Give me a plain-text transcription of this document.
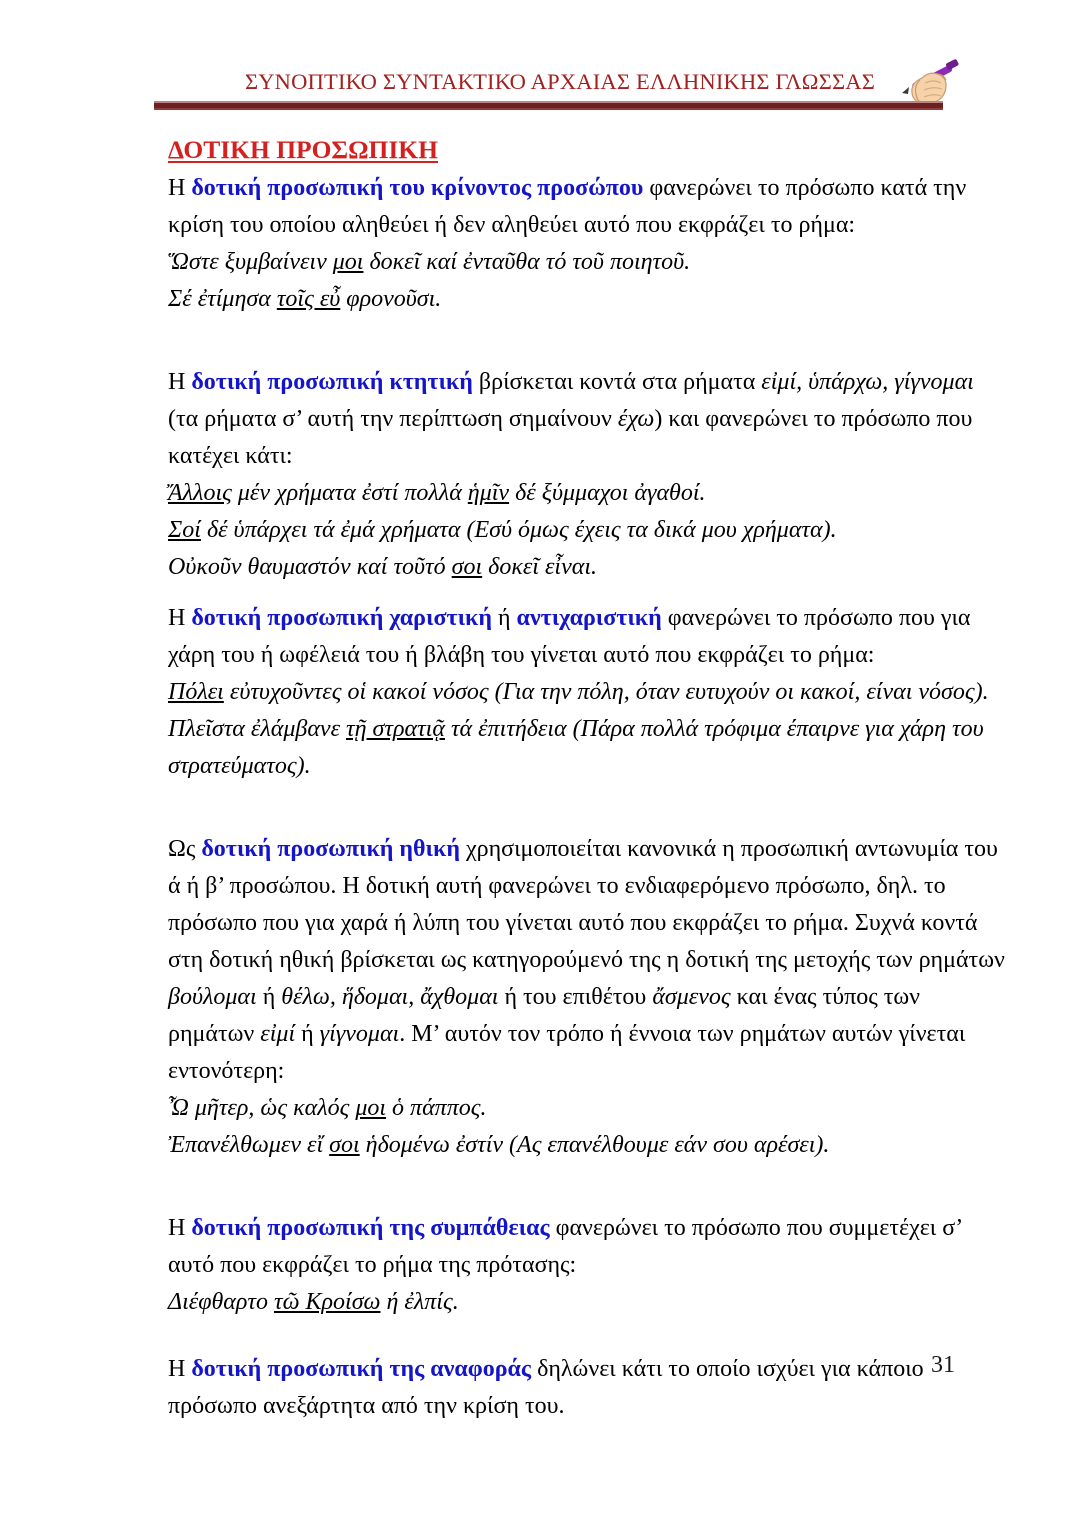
ΣΥΝΟΠΤΙΚΟ ΣΥΝΤΑΚΤΙΚΟ ΑΡΧΑΙΑΣ ΕΛΛΗΝΙΚΗΣ ΓΛΩΣΣΑΣ
ΔΟΤΙΚΗ ΠΡΟΣΩΠΙΚΗ

Η δοτική προσωπική του κρίνοντος προσώπου φανερώνει το πρόσωπο κατά την κρίση του οποίου αληθεύει ή δεν αληθεύει αυτό που εκφράζει το ρήμα:

Ὥστε ξυμβαίνειν μοι δοκεῖ καί ἐνταῦθα τό τοῦ ποιητοῦ.

Σέ ἐτίμησα τοῖς εὖ φρονοῦσι.

Η δοτική προσωπική κτητική βρίσκεται κοντά στα ρήματα εἰμί, ὑπάρχω, γίγνομαι (τα ρήματα σ’ αυτή την περίπτωση σημαίνουν έχω) και φανερώνει το πρόσωπο που κατέχει κάτι:

Ἄλλοις μέν χρήματα ἐστί πολλά ἡμῖν δέ ξύμμαχοι ἀγαθοί.

Σοί δέ ὑπάρχει τά ἐμά χρήματα (Εσύ όμως έχεις τα δικά μου χρήματα).

Οὐκοῦν θαυμαστόν καί τοῦτό σοι δοκεῖ εἶναι.

Η δοτική προσωπική χαριστική ή αντιχαριστική φανερώνει το πρόσωπο που για χάρη του ή ωφέλειά του ή βλάβη του γίνεται αυτό που εκφράζει το ρήμα:

Πόλει εὐτυχοῦντες οἱ κακοί νόσος (Για την πόλη, όταν ευτυχούν οι κακοί, είναι νόσος).

Πλεῖστα ἐλάμβανε τῇ στρατιᾷ τά ἐπιτήδεια (Πάρα πολλά τρόφιμα έπαιρνε για χάρη του στρατεύματος).

Ως δοτική προσωπική ηθική χρησιμοποιείται κανονικά η προσωπική αντωνυμία του ά ή β’ προσώπου. Η δοτική αυτή φανερώνει το ενδιαφερόμενο πρόσωπο, δηλ. το πρόσωπο που για χαρά ή λύπη του γίνεται αυτό που εκφράζει το ρήμα. Συχνά κοντά στη δοτική ηθική βρίσκεται ως κατηγορούμενό της η δοτική της μετοχής των ρημάτων βούλομαι ή θέλω, ἥδομαι, ἄχθομαι ή του επιθέτου ἄσμενος και ένας τύπος των ρημάτων εἰμί ή γίγνομαι. Μ’ αυτόν τον τρόπο ή έννοια των ρημάτων αυτών γίνεται εντονότερη:

Ὦ μῆτερ, ὡς καλός μοι ὁ πάππος.

Ἐπανέλθωμεν εἴ σοι ἡδομένω ἐστίν (Ας επανέλθουμε εάν σου αρέσει).

Η δοτική προσωπική της συμπάθειας φανερώνει το πρόσωπο που συμμετέχει σ’ αυτό που εκφράζει το ρήμα της πρότασης:

Διέφθαρτο τῶ Κροίσω ή ἐλπίς.

Η δοτική προσωπική της αναφοράς δηλώνει κάτι το οποίο ισχύει για κάποιο πρόσωπο ανεξάρτητα από την κρίση του.

31
